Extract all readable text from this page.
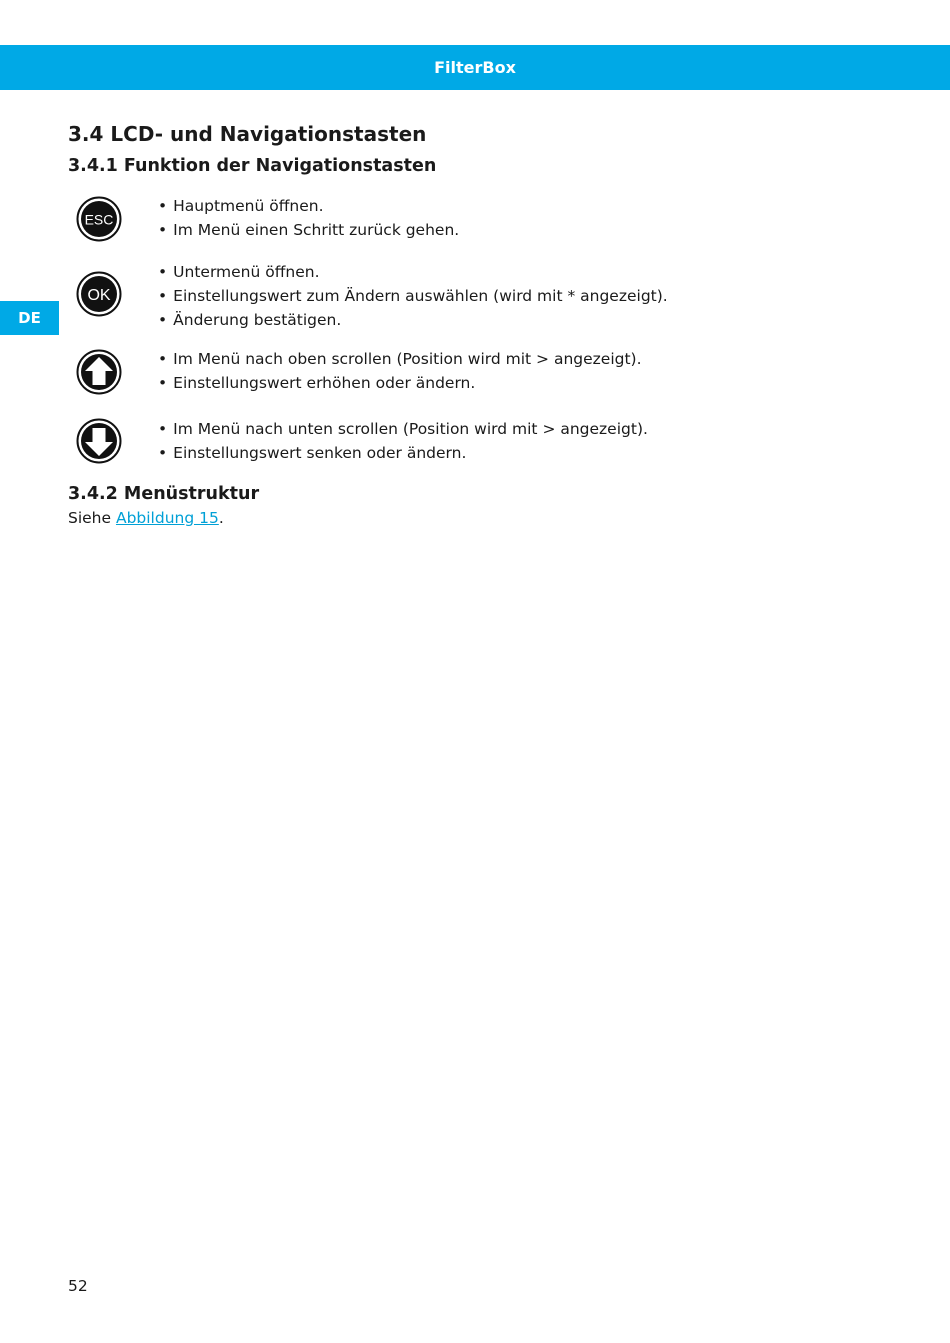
FilterBox
DE
3.4 LCD- und Navigationstasten
3.4.1 Funktion der Navigationstasten
ESC
• Hauptmenü öffnen.
• Im Menü einen Schritt zurück gehen.
OK
• Untermenü öffnen.
• Einstellungswert zum Ändern auswählen (wird mit * angezeigt).
• Änderung bestätigen.
• Im Menü nach oben scrollen (Position wird mit > angezeigt).
• Einstellungswert erhöhen oder ändern.
• Im Menü nach unten scrollen (Position wird mit > angezeigt).
• Einstellungswert senken oder ändern.
3.4.2 Menüstruktur
Siehe Abbildung 15.
52
